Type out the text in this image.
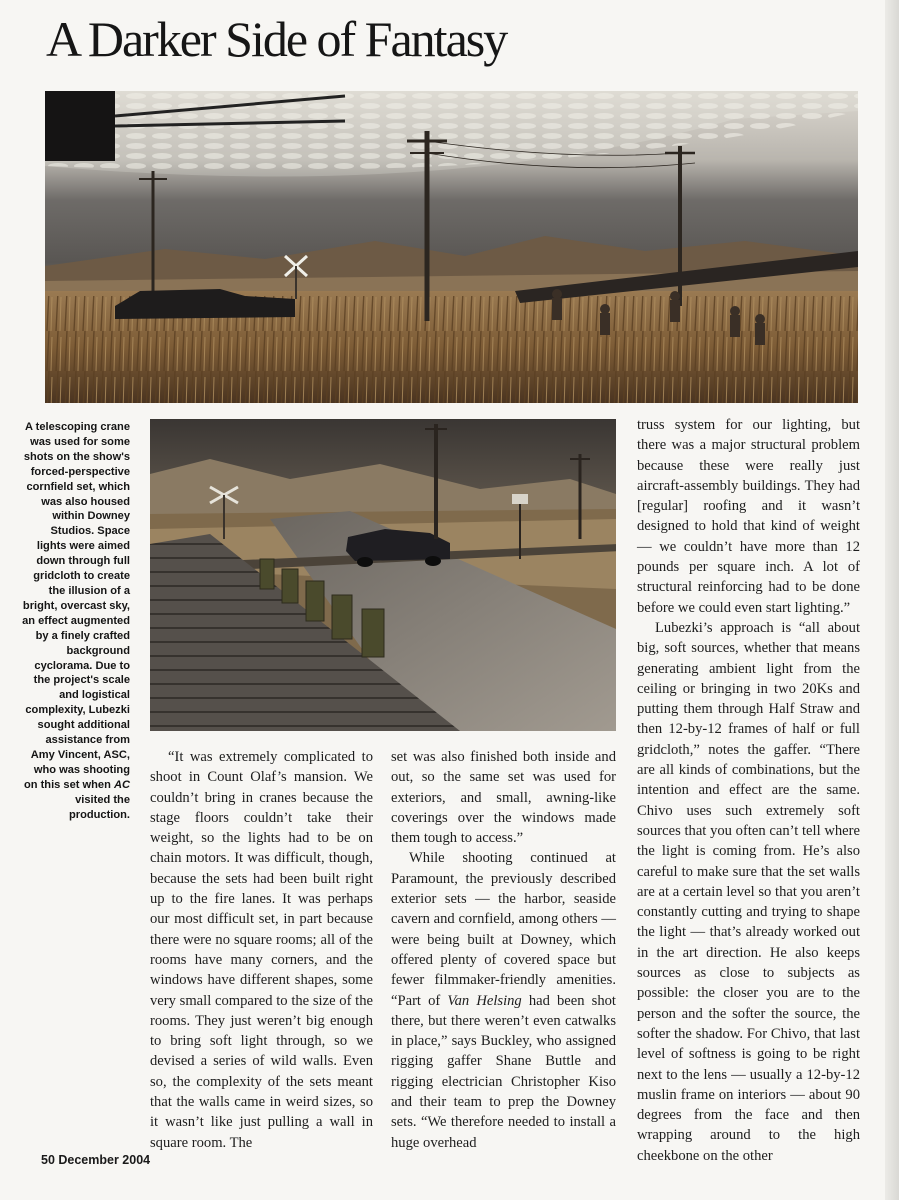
A Darker Side of Fantasy

A telescoping crane was used for some shots on the show's forced-perspective cornfield set, which was also housed within Downey Studios. Space lights were aimed down through full gridcloth to create the illusion of a bright, overcast sky, an effect augmented by a finely crafted background cyclorama. Due to the project's scale and logistical complexity, Lubezki sought additional assistance from Amy Vincent, ASC, who was shooting on this set when AC visited the production.

“It was extremely complicated to shoot in Count Olaf’s mansion. We couldn’t bring in cranes because the stage floors couldn’t take their weight, so the lights had to be on chain motors. It was difficult, though, because the sets had been built right up to the fire lanes. It was perhaps our most difficult set, in part because there were no square rooms; all of the rooms have many corners, and the windows have different shapes, some very small compared to the size of the rooms. They just weren’t big enough to bring soft light through, so we devised a series of wild walls. Even so, the complexity of the sets meant that the walls came in weird sizes, so it wasn’t like just pulling a wall in square room. The

set was also finished both inside and out, so the same set was used for exteriors, and small, awning-like coverings over the windows made them tough to access.”

While shooting continued at Paramount, the previously described exterior sets — the harbor, seaside cavern and cornfield, among others — were being built at Downey, which offered plenty of covered space but fewer filmmaker-friendly amenities. “Part of Van Helsing had been shot there, but there weren’t even catwalks in place,” says Buckley, who assigned rigging gaffer Shane Buttle and rigging electrician Christopher Kiso and their team to prep the Downey sets. “We therefore needed to install a huge overhead

truss system for our lighting, but there was a major structural problem because these were really just aircraft-assembly buildings. They had [regular] roofing and it wasn’t designed to hold that kind of weight — we couldn’t have more than 12 pounds per square inch. A lot of structural reinforcing had to be done before we could even start lighting.”

Lubezki’s approach is “all about big, soft sources, whether that means generating ambient light from the ceiling or bringing in two 20Ks and putting them through Half Straw and then 12-by-12 frames of half or full gridcloth,” notes the gaffer. “There are all kinds of combinations, but the intention and effect are the same. Chivo uses such extremely soft sources that you often can’t tell where the light is coming from. He’s also careful to make sure that the set walls are at a certain level so that you aren’t constantly cutting and trying to shape the light — that’s already worked out in the art direction. He also keeps sources as close to subjects as possible: the closer you are to the person and the softer the source, the softer the shadow. For Chivo, that last level of softness is going to be right next to the lens — usually a 12-by-12 muslin frame on interiors — about 90 degrees from the face and then wrapping around to the high cheekbone on the other

50 December 2004
